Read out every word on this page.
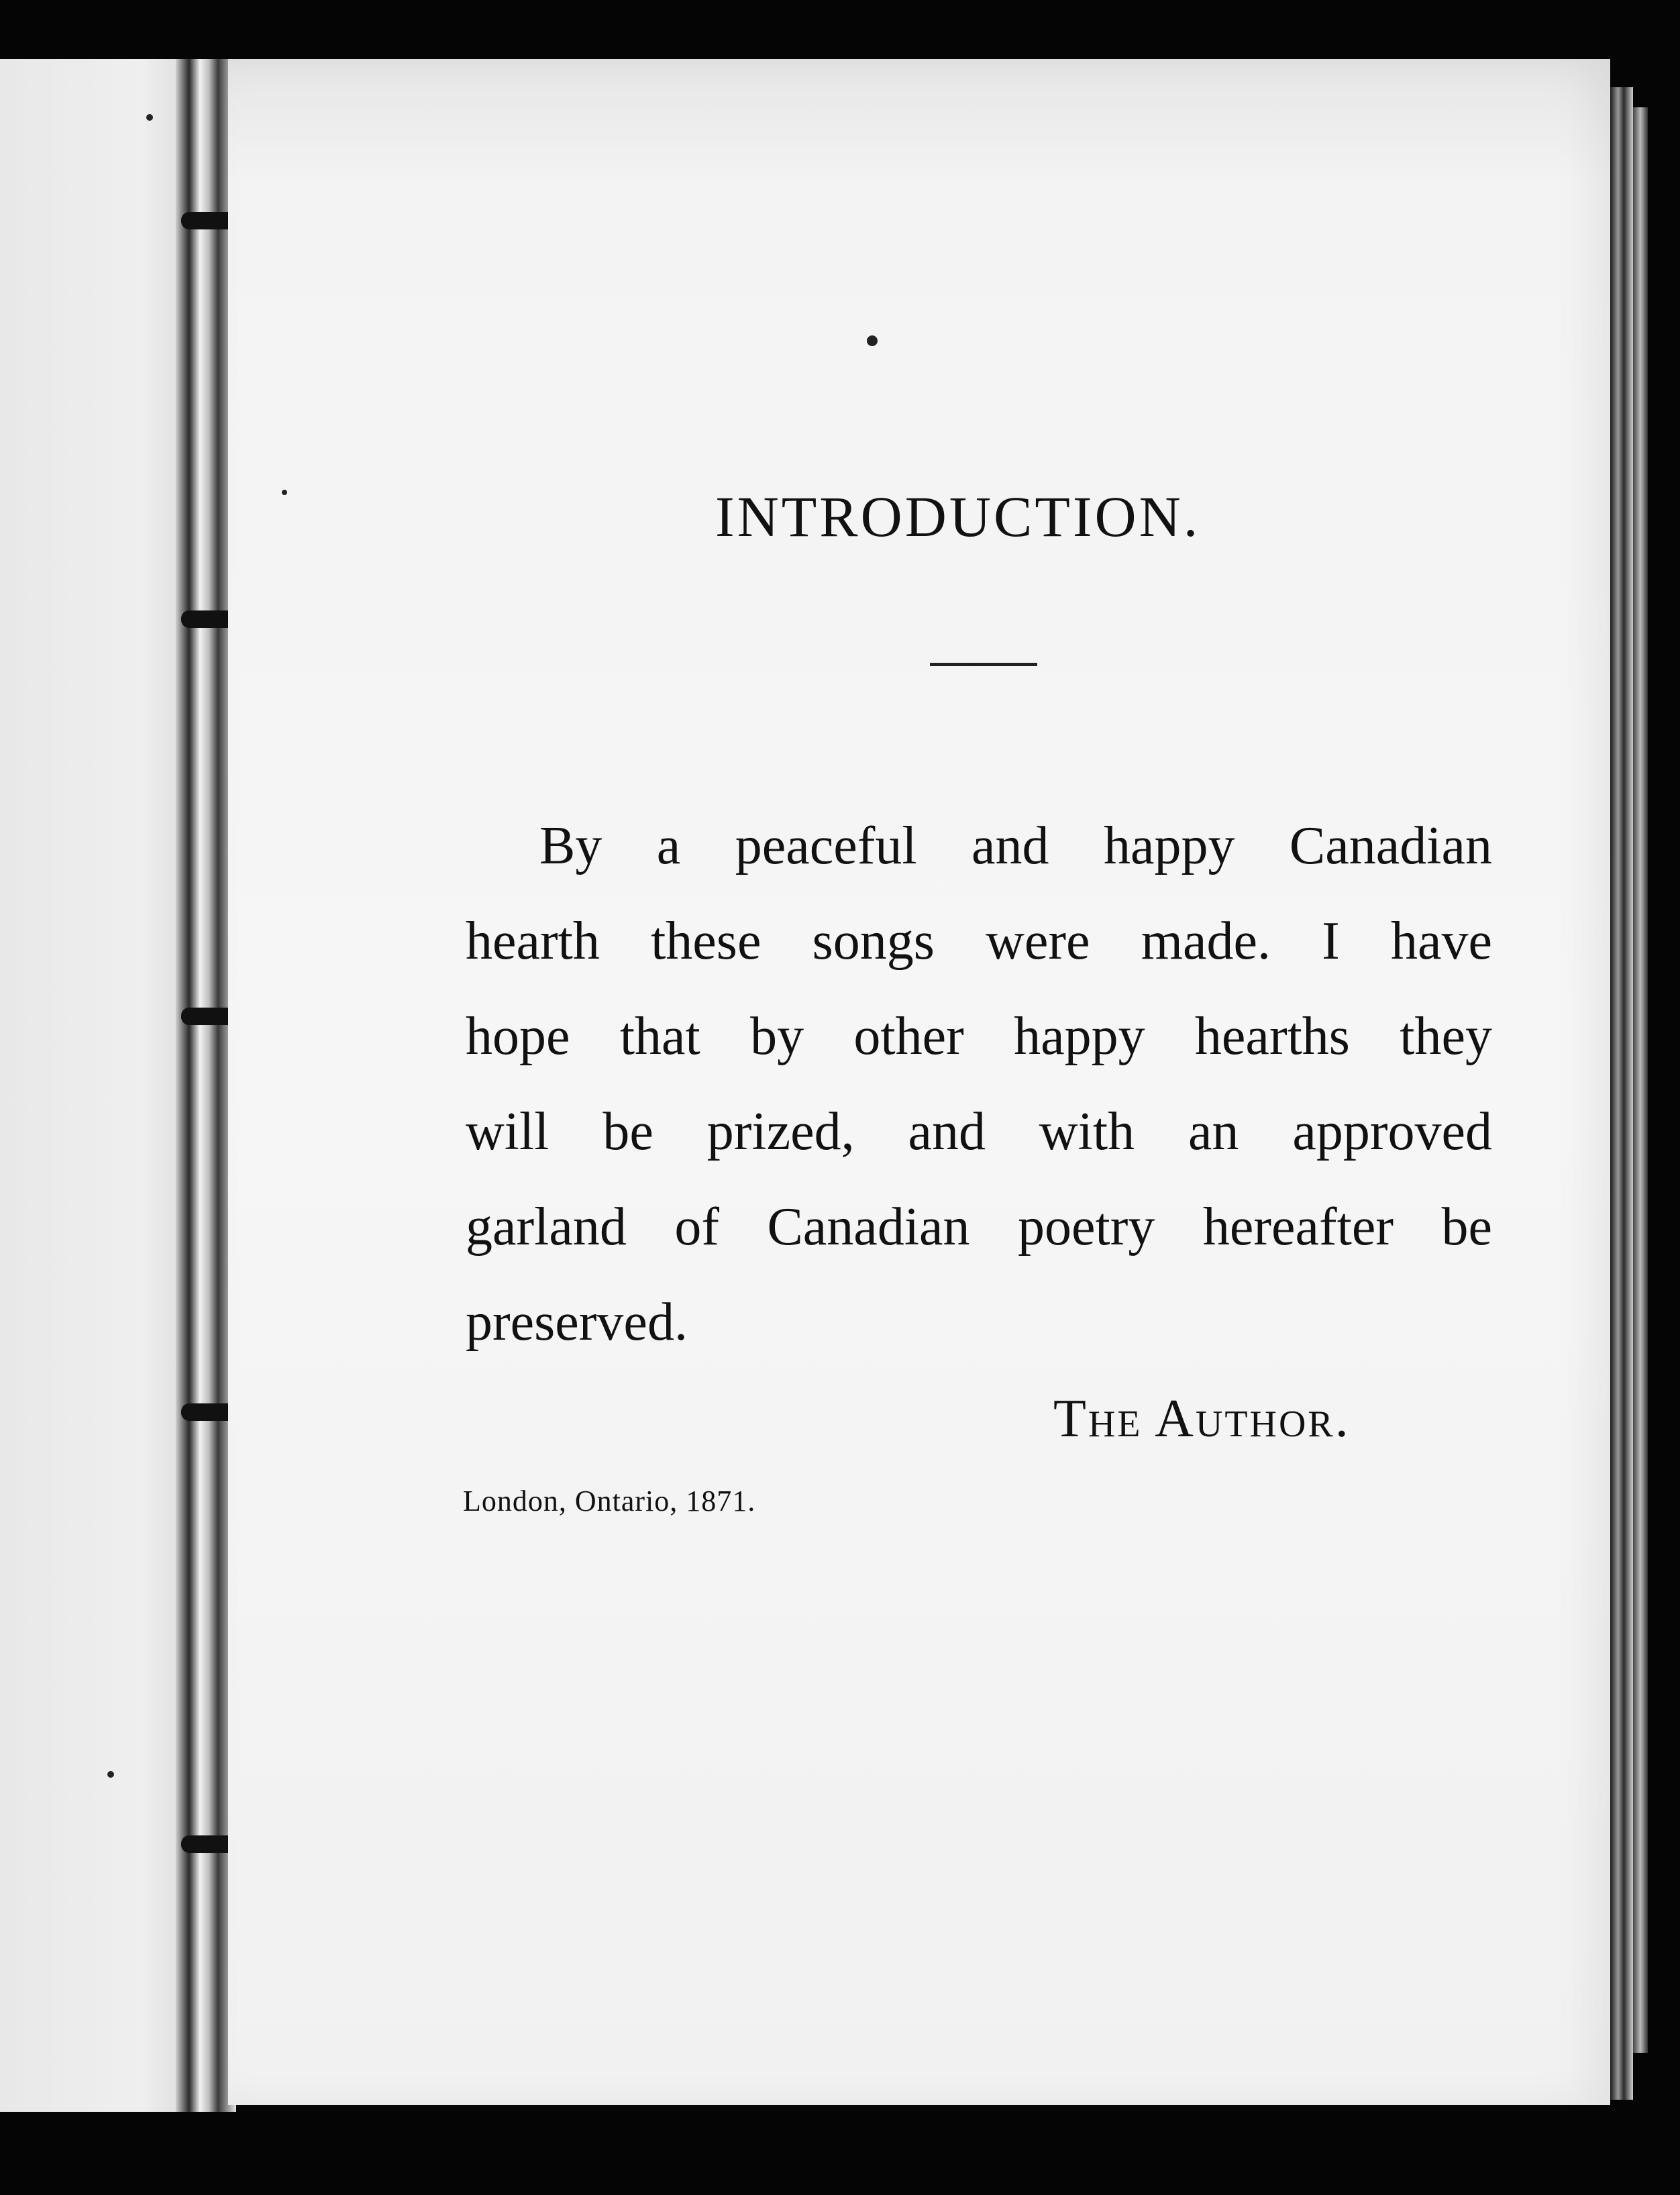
INTRODUCTION.
By a peaceful and happy Canadian
hearth these songs were made. I have
hope that by other happy hearths they
will be prized, and with an approved
garland of Canadian poetry hereafter be
preserved.
The Author.
London, Ontario, 1871.
